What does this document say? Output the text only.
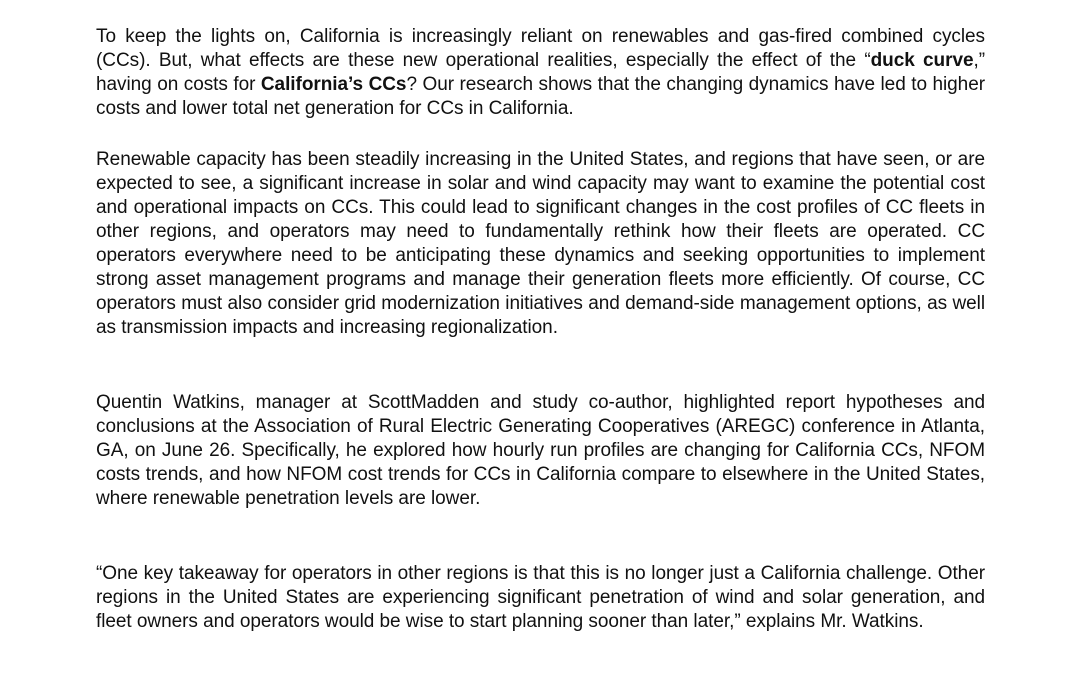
To keep the lights on, California is increasingly reliant on renewables and gas-fired combined cycles (CCs). But, what effects are these new operational realities, especially the effect of the “duck curve,” having on costs for California’s CCs? Our research shows that the changing dynamics have led to higher costs and lower total net generation for CCs in California.

Renewable capacity has been steadily increasing in the United States, and regions that have seen, or are expected to see, a significant increase in solar and wind capacity may want to examine the potential cost and operational impacts on CCs. This could lead to significant changes in the cost profiles of CC fleets in other regions, and operators may need to fundamentally rethink how their fleets are operated. CC operators everywhere need to be anticipating these dynamics and seeking opportunities to implement strong asset management programs and manage their generation fleets more efficiently. Of course, CC operators must also consider grid modernization initiatives and demand-side management options, as well as transmission impacts and increasing regionalization.

Quentin Watkins, manager at ScottMadden and study co-author, highlighted report hypotheses and conclusions at the Association of Rural Electric Generating Cooperatives (AREGC) conference in Atlanta, GA, on June 26. Specifically, he explored how hourly run profiles are changing for California CCs, NFOM costs trends, and how NFOM cost trends for CCs in California compare to elsewhere in the United States, where renewable penetration levels are lower.

“One key takeaway for operators in other regions is that this is no longer just a California challenge. Other regions in the United States are experiencing significant penetration of wind and solar generation, and fleet owners and operators would be wise to start planning sooner than later,” explains Mr. Watkins.
